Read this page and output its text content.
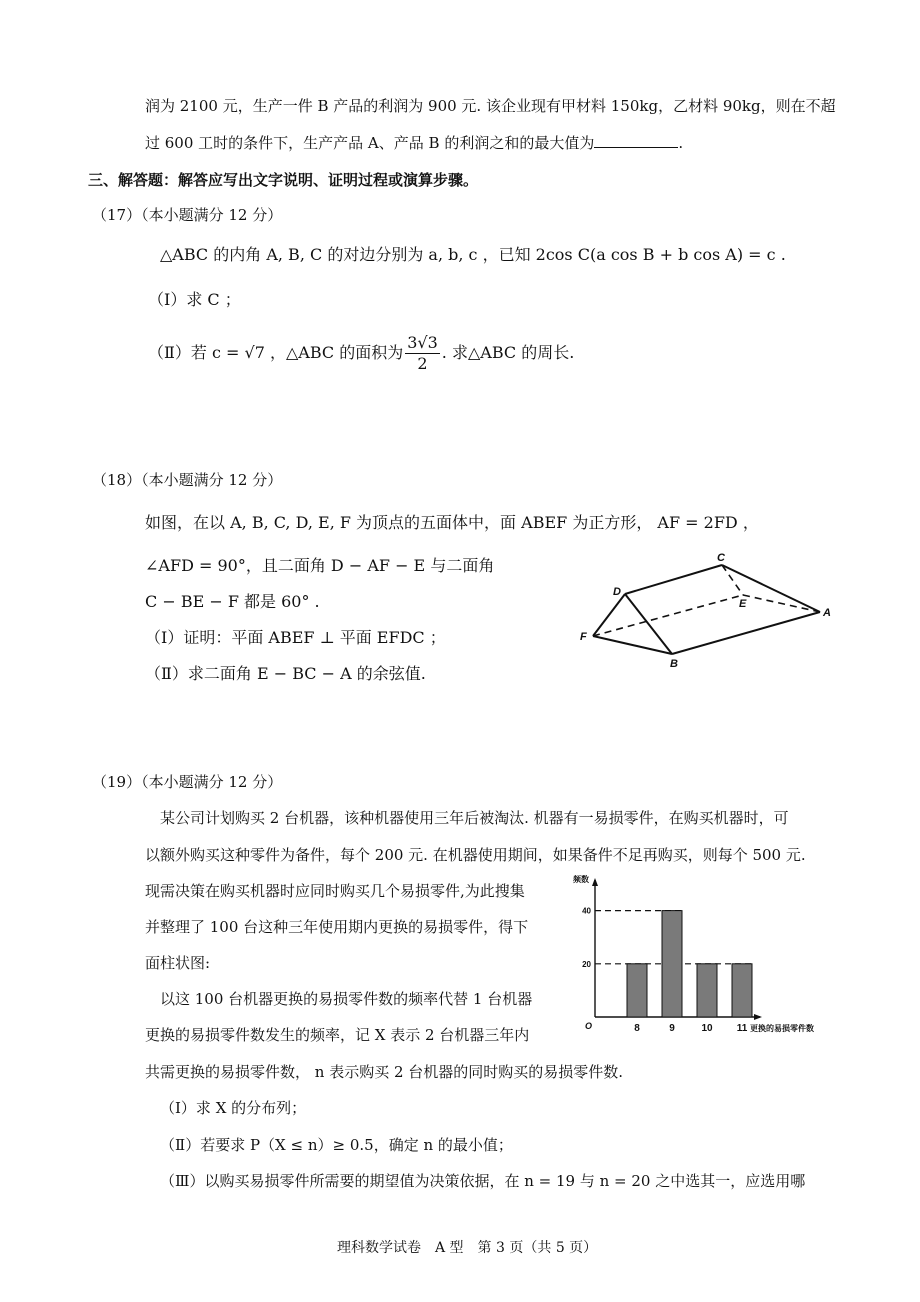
润为 2100 元，生产一件 B 产品的利润为 900 元. 该企业现有甲材料 150kg，乙材料 90kg，则在不超
过 600 工时的条件下，生产产品 A、产品 B 的利润之和的最大值为	.
三、解答题：解答应写出文字说明、证明过程或演算步骤。
（17）（本小题满分 12 分）
△ABC 的内角 A, B, C 的对边分别为 a, b, c ，已知 2cos C(a cos B + b cos A) = c .
（Ⅰ）求 C ；
（Ⅱ）若 c = √7 ，△ABC 的面积为 $\frac{3√3}{2}$ . 求△ABC 的周长.
（18）（本小题满分 12 分）
如图，在以 A, B, C, D, E, F 为顶点的五面体中，面 ABEF 为正方形， AF = 2FD ，
∠AFD = 90°，且二面角 D − AF − E 与二面角
C − BE − F 都是 60° .
（Ⅰ）证明：平面 ABEF ⊥ 平面 EFDC ；
（Ⅱ）求二面角 E − BC − A 的余弦值.
C
D
E
A
F
B
（19）（本小题满分 12 分）
某公司计划购买 2 台机器，该种机器使用三年后被淘汰. 机器有一易损零件，在购买机器时，可
以额外购买这种零件为备件，每个 200 元. 在机器使用期间，如果备件不足再购买，则每个 500 元.
现需决策在购买机器时应同时购买几个易损零件,为此搜集
并整理了 100 台这种三年使用期内更换的易损零件，得下
面柱状图:
以这 100 台机器更换的易损零件数的频率代替 1 台机器
更换的易损零件数发生的频率，记 X 表示 2 台机器三年内
共需更换的易损零件数， n 表示购买 2 台机器的同时购买的易损零件数.
（Ⅰ）求 X 的分布列；
（Ⅱ）若要求 P（X ≤ n）≥ 0.5，确定 n 的最小值；
（Ⅲ）以购买易损零件所需要的期望值为决策依据，在 n = 19 与 n = 20 之中选其一，应选用哪
8	9	10 11
20
40
频数
更换的易损零件数
O
理科数学试卷　A 型　第 3 页（共 5 页）
